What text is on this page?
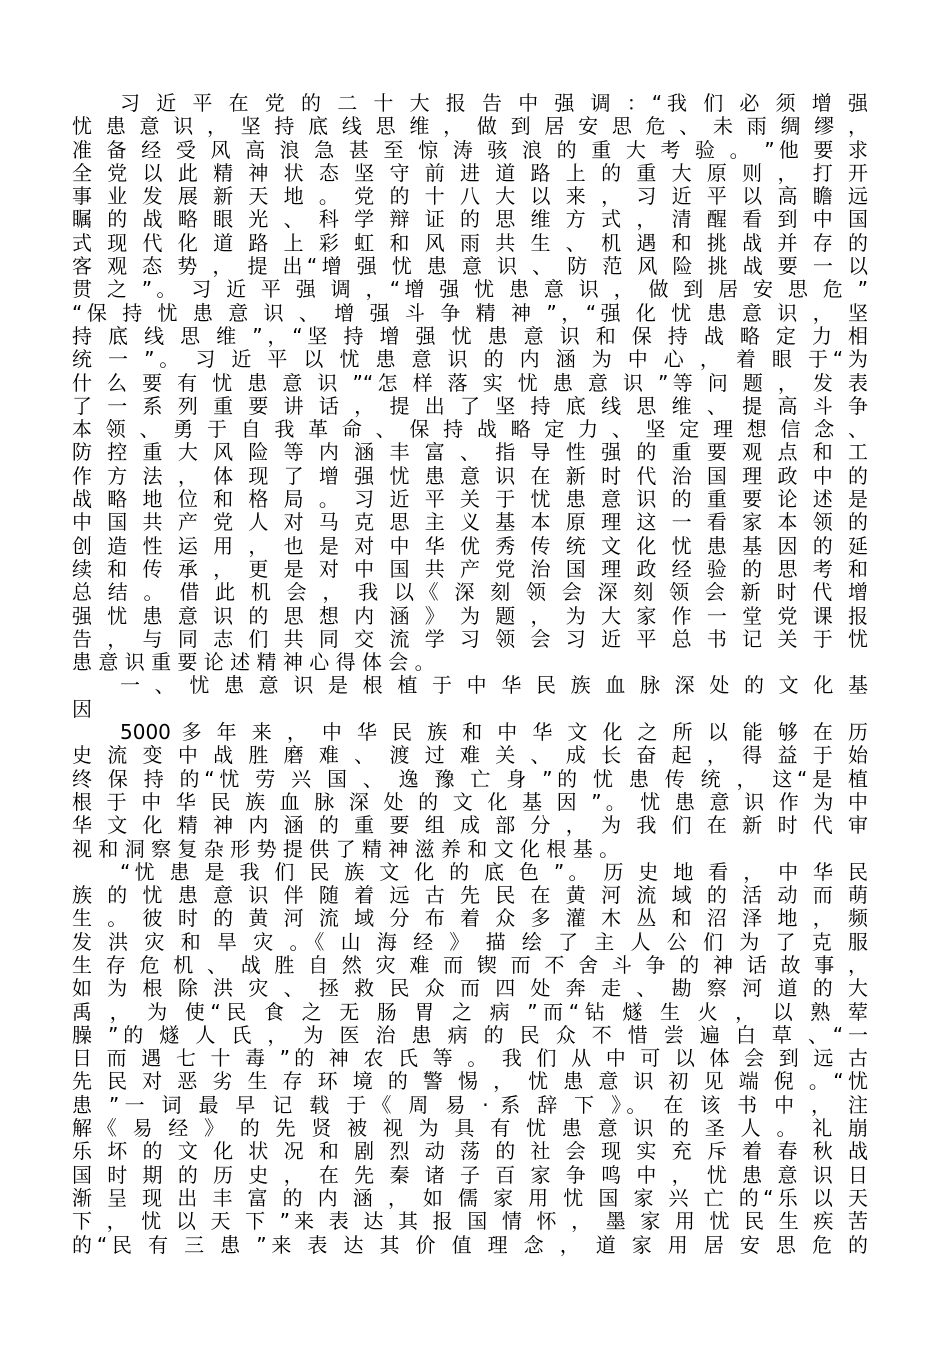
习 近 平 在 党 的 二 十 大 报 告 中 强 调 ：“我 们 必 须 增 强
忧 患 意 识 ， 坚 持 底 线 思 维 ， 做 到 居 安 思 危 、 未 雨 绸 缪 ，
准 备 经 受 风 高 浪 急 甚 至 惊 涛 骇 浪 的 重 大 考 验 。 ”他 要 求
全 党 以 此 精 神 状 态 坚 守 前 进 道 路 上 的 重 大 原 则 ， 打 开
事 业 发 展 新 天 地 。 党 的 十 八 大 以 来 ， 习 近 平 以 高 瞻 远
瞩 的 战 略 眼 光 、 科 学 辩 证 的 思 维 方 式 ， 清 醒 看 到 中 国
式 现 代 化 道 路 上 彩 虹 和 风 雨 共 生 、 机 遇 和 挑 战 并 存 的
客 观 态 势 ， 提 出“增 强 忧 患 意 识 、 防 范 风 险 挑 战 要 一 以
贯 之 ”。 习 近 平 强 调 ，“增 强 忧 患 意 识 ， 做 到 居 安 思 危 ”
“保 持 忧 患 意 识 、 增 强 斗 争 精 神 ”，“强 化 忧 患 意 识 ， 坚
持 底 线 思 维 ”，“坚 持 增 强 忧 患 意 识 和 保 持 战 略 定 力 相
统 一 ”。 习 近 平 以 忧 患 意 识 的 内 涵 为 中 心 ， 着 眼 于“为
什 么 要 有 忧 患 意 识 ”“怎 样 落 实 忧 患 意 识 ”等 问 题 ， 发 表
了 一 系 列 重 要 讲 话 ， 提 出 了 坚 持 底 线 思 维 、 提 高 斗 争
本 领 、 勇 于 自 我 革 命 、 保 持 战 略 定 力 、 坚 定 理 想 信 念 、
防 控 重 大 风 险 等 内 涵 丰 富 、 指 导 性 强 的 重 要 观 点 和 工
作 方 法 ， 体 现 了 增 强 忧 患 意 识 在 新 时 代 治 国 理 政 中 的
战 略 地 位 和 格 局 。 习 近 平 关 于 忧 患 意 识 的 重 要 论 述 是
中 国 共 产 党 人 对 马 克 思 主 义 基 本 原 理 这 一 看 家 本 领 的
创 造 性 运 用 ， 也 是 对 中 华 优 秀 传 统 文 化 忧 患 基 因 的 延
续 和 传 承 ， 更 是 对 中 国 共 产 党 治 国 理 政 经 验 的 思 考 和
总 结 。 借 此 机 会 ， 我 以《 深 刻 领 会 深 刻 领 会 新 时 代 增
强 忧 患 意 识 的 思 想 内 涵 》 为 题 ， 为 大 家 作 一 堂 党 课 报
告 ， 与 同 志 们 共 同 交 流 学 习 领 会 习 近 平 总 书 记 关 于 忧
患 意 识 重 要 论 述 精 神 心 得 体 会 。
一 、 忧 患 意 识 是 根 植 于 中 华 民 族 血 脉 深 处 的 文 化 基
因
5000 多 年 来 ， 中 华 民 族 和 中 华 文 化 之 所 以 能 够 在 历
史 流 变 中 战 胜 磨 难 、 渡 过 难 关 、 成 长 奋 起 ， 得 益 于 始
终 保 持 的“忧 劳 兴 国 、 逸 豫 亡 身 ”的 忧 患 传 统 ， 这“是 植
根 于 中 华 民 族 血 脉 深 处 的 文 化 基 因 ”。 忧 患 意 识 作 为 中
华 文 化 精 神 内 涵 的 重 要 组 成 部 分 ， 为 我 们 在 新 时 代 审
视 和 洞 察 复 杂 形 势 提 供 了 精 神 滋 养 和 文 化 根 基 。
“忧 患 是 我 们 民 族 文 化 的 底 色 ”。 历 史 地 看 ， 中 华 民
族 的 忧 患 意 识 伴 随 着 远 古 先 民 在 黄 河 流 域 的 活 动 而 萌
生 。 彼 时 的 黄 河 流 域 分 布 着 众 多 灌 木 丛 和 沼 泽 地 ， 频
发 洪 灾 和 旱 灾 。《 山 海 经 》 描 绘 了 主 人 公 们 为 了 克 服
生 存 危 机 、 战 胜 自 然 灾 难 而 锲 而 不 舍 斗 争 的 神 话 故 事 ，
如 为 根 除 洪 灾 、 拯 救 民 众 而 四 处 奔 走 、 勘 察 河 道 的 大
禹 ， 为 使“民 食 之 无 肠 胃 之 病 ”而“钻 燧 生 火 ， 以 熟 荤
臊 ”的 燧 人 氏 ， 为 医 治 患 病 的 民 众 不 惜 尝 遍 白 草 、“一
日 而 遇 七 十 毒 ”的 神 农 氏 等 。 我 们 从 中 可 以 体 会 到 远 古
先 民 对 恶 劣 生 存 环 境 的 警 惕 ， 忧 患 意 识 初 见 端 倪 。“忧
患 ”一 词 最 早 记 载 于《 周 易 · 系 辞 下 》。 在 该 书 中 ， 注
解《 易 经 》 的 先 贤 被 视 为 具 有 忧 患 意 识 的 圣 人 。 礼 崩
乐 坏 的 文 化 状 况 和 剧 烈 动 荡 的 社 会 现 实 充 斥 着 春 秋 战
国 时 期 的 历 史 ， 在 先 秦 诸 子 百 家 争 鸣 中 ， 忧 患 意 识 日
渐 呈 现 出 丰 富 的 内 涵 ， 如 儒 家 用 忧 国 家 兴 亡 的“乐 以 天
下 ， 忧 以 天 下 ”来 表 达 其 报 国 情 怀 ， 墨 家 用 忧 民 生 疾 苦
的“民 有 三 患 ”来 表 达 其 价 值 理 念 ， 道 家 用 居 安 思 危 的
